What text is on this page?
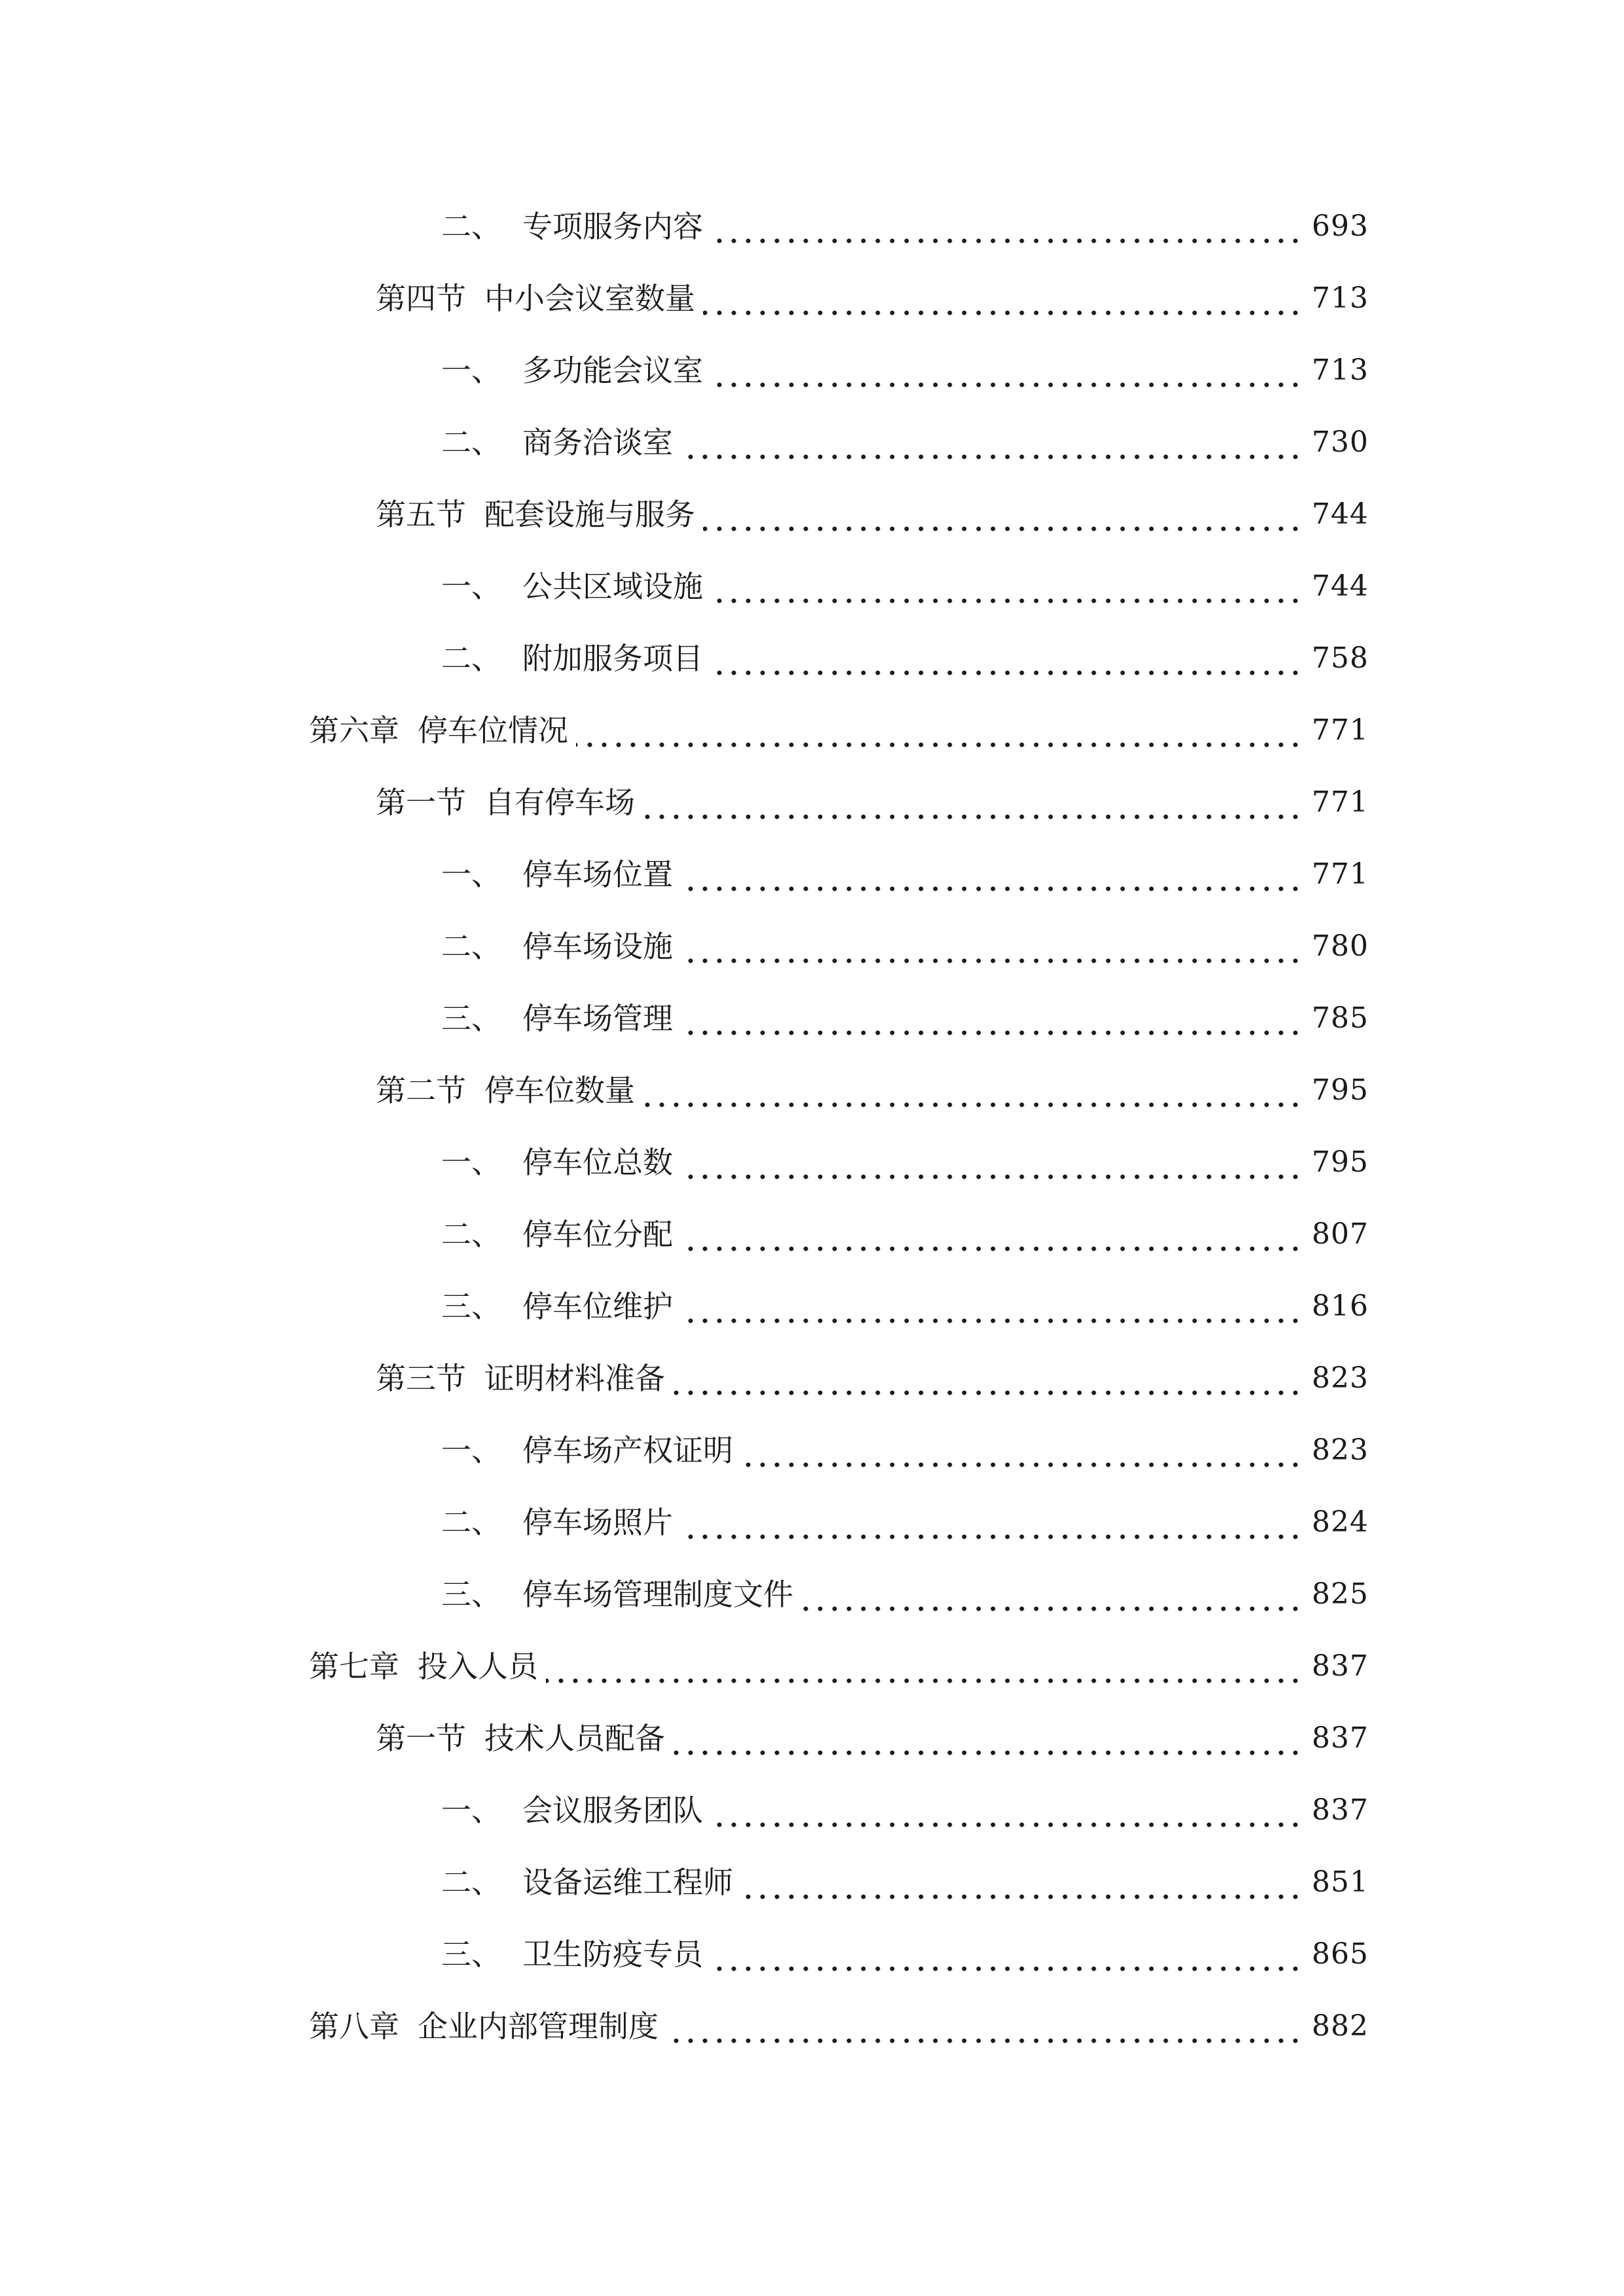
二、 专项服务内容	693
第四节 中小会议室数量	713
一、 多功能会议室	713
二、 商务洽谈室	730
第五节 配套设施与服务	744
一、 公共区域设施	744
二、 附加服务项目	758
第六章 停车位情况	771
第一节 自有停车场	771
一、 停车场位置	771
二、 停车场设施	780
三、 停车场管理	785
第二节 停车位数量	795
一、 停车位总数	795
二、 停车位分配	807
三、 停车位维护	816
第三节 证明材料准备	823
一、 停车场产权证明	823
二、 停车场照片	824
三、 停车场管理制度文件	825
第七章 投入人员	837
第一节 技术人员配备	837
一、 会议服务团队	837
二、 设备运维工程师	851
三、 卫生防疫专员	865
第八章 企业内部管理制度	882
